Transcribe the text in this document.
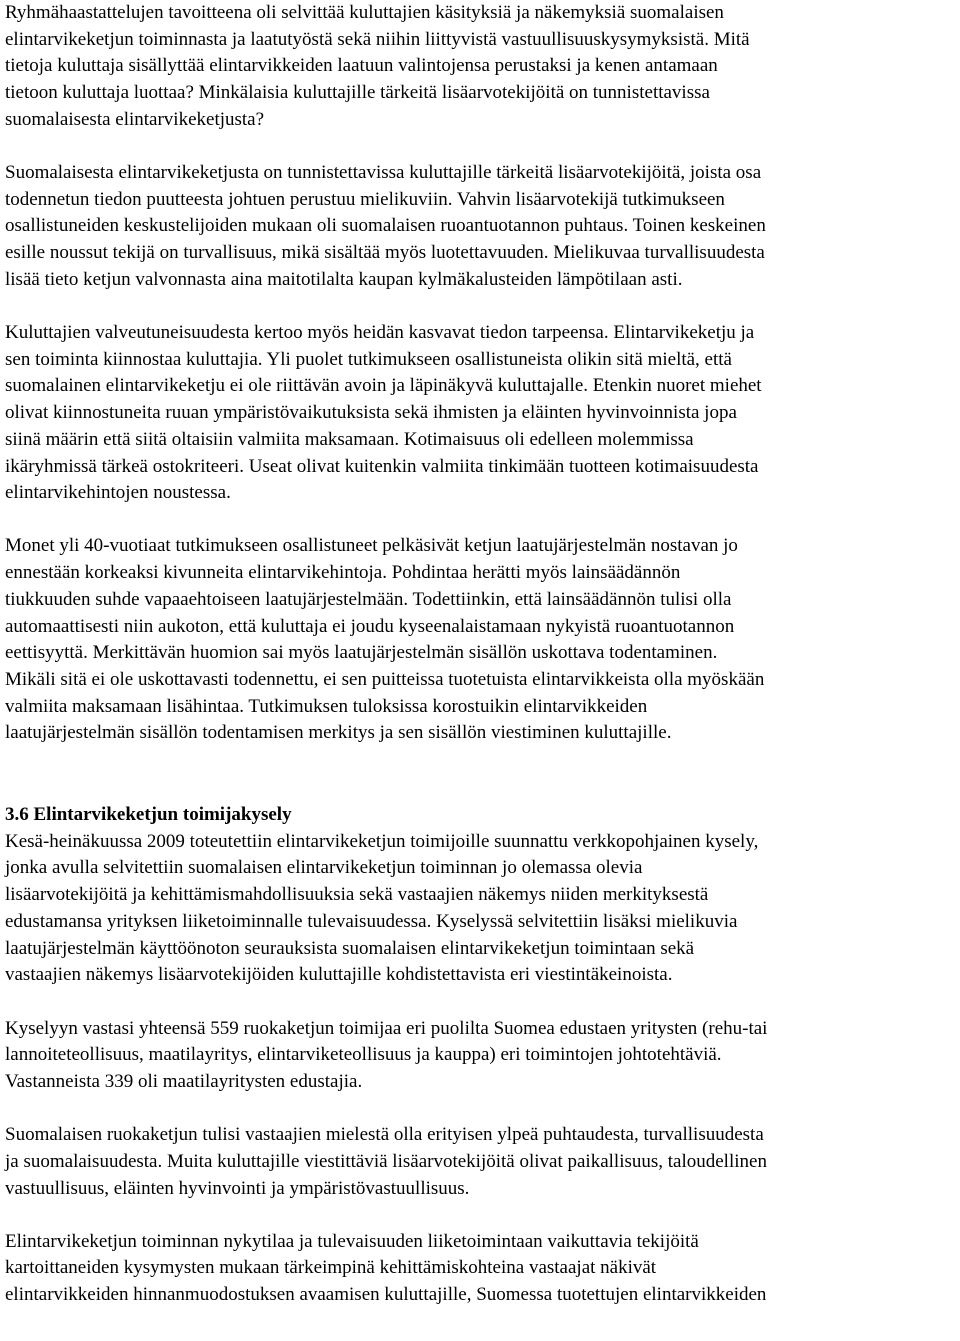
Ryhmähaastattelujen tavoitteena oli selvittää kuluttajien käsityksiä ja näkemyksiä suomalaisen
elintarvikeketjun toiminnasta ja laatutyöstä sekä niihin liittyvistä vastuullisuuskysymyksistä. Mitä
tietoja kuluttaja sisällyttää elintarvikkeiden laatuun valintojensa perustaksi ja kenen antamaan
tietoon kuluttaja luottaa? Minkälaisia kuluttajille tärkeitä lisäarvotekijöitä on tunnistettavissa
suomalaisesta elintarvikeketjusta?
Suomalaisesta elintarvikeketjusta on tunnistettavissa kuluttajille tärkeitä lisäarvotekijöitä, joista osa
todennetun tiedon puutteesta johtuen perustuu mielikuviin. Vahvin lisäarvotekijä tutkimukseen
osallistuneiden keskustelijoiden mukaan oli suomalaisen ruoantuotannon puhtaus. Toinen keskeinen
esille noussut tekijä on turvallisuus, mikä sisältää myös luotettavuuden. Mielikuvaa turvallisuudesta
lisää tieto ketjun valvonnasta aina maitotilalta kaupan kylmäkalusteiden lämpötilaan asti.
Kuluttajien valveutuneisuudesta kertoo myös heidän kasvavat tiedon tarpeensa. Elintarvikeketju ja
sen toiminta kiinnostaa kuluttajia. Yli puolet tutkimukseen osallistuneista olikin sitä mieltä, että
suomalainen elintarvikeketju ei ole riittävän avoin ja läpinäkyvä kuluttajalle. Etenkin nuoret miehet
olivat kiinnostuneita ruuan ympäristövaikutuksista sekä ihmisten ja eläinten hyvinvoinnista jopa
siinä määrin että siitä oltaisiin valmiita maksamaan. Kotimaisuus oli edelleen molemmissa
ikäryhmissä tärkeä ostokriteeri. Useat olivat kuitenkin valmiita tinkimään tuotteen kotimaisuudesta
elintarvikehintojen noustessa.
Monet yli 40-vuotiaat tutkimukseen osallistuneet pelkäsivät ketjun laatujärjestelmän nostavan jo
ennestään korkeaksi kivunneita elintarvikehintoja. Pohdintaa herätti myös lainsäädännön
tiukkuuden suhde vapaaehtoiseen laatujärjestelmään. Todettiinkin, että lainsäädännön tulisi olla
automaattisesti niin aukoton, että kuluttaja ei joudu kyseenalaistamaan nykyistä ruoantuotannon
eettisyyttä. Merkittävän huomion sai myös laatujärjestelmän sisällön uskottava todentaminen.
Mikäli sitä ei ole uskottavasti todennettu, ei sen puitteissa tuotetuista elintarvikkeista olla myöskään
valmiita maksamaan lisähintaa. Tutkimuksen tuloksissa korostuikin elintarvikkeiden
laatujärjestelmän sisällön todentamisen merkitys ja sen sisällön viestiminen kuluttajille.
3.6 Elintarvikeketjun toimijakysely
Kesä-heinäkuussa 2009 toteutettiin elintarvikeketjun toimijoille suunnattu verkkopohjainen kysely,
jonka avulla selvitettiin suomalaisen elintarvikeketjun toiminnan jo olemassa olevia
lisäarvotekijöitä ja kehittämismahdollisuuksia sekä vastaajien näkemys niiden merkityksestä
edustamansa yrityksen liiketoiminnalle tulevaisuudessa. Kyselyssä selvitettiin lisäksi mielikuvia
laatujärjestelmän käyttöönoton seurauksista suomalaisen elintarvikeketjun toimintaan sekä
vastaajien näkemys lisäarvotekijöiden kuluttajille kohdistettavista eri viestintäkeinoista.
Kyselyyn vastasi yhteensä 559 ruokaketjun toimijaa eri puolilta Suomea edustaen yritysten (rehu-tai
lannoiteteollisuus, maatilayritys, elintarviketeollisuus ja kauppa) eri toimintojen johtotehtäviä.
Vastanneista 339 oli maatilayritysten edustajia.
Suomalaisen ruokaketjun tulisi vastaajien mielestä olla erityisen ylpeä puhtaudesta, turvallisuudesta
ja suomalaisuudesta. Muita kuluttajille viestittäviä lisäarvotekijöitä olivat paikallisuus, taloudellinen
vastuullisuus, eläinten hyvinvointi ja ympäristövastuullisuus.
Elintarvikeketjun toiminnan nykytilaa ja tulevaisuuden liiketoimintaan vaikuttavia tekijöitä
kartoittaneiden kysymysten mukaan tärkeimpinä kehittämiskohteina vastaajat näkivät
elintarvikkeiden hinnanmuodostuksen avaamisen kuluttajille, Suomessa tuotettujen elintarvikkeiden
